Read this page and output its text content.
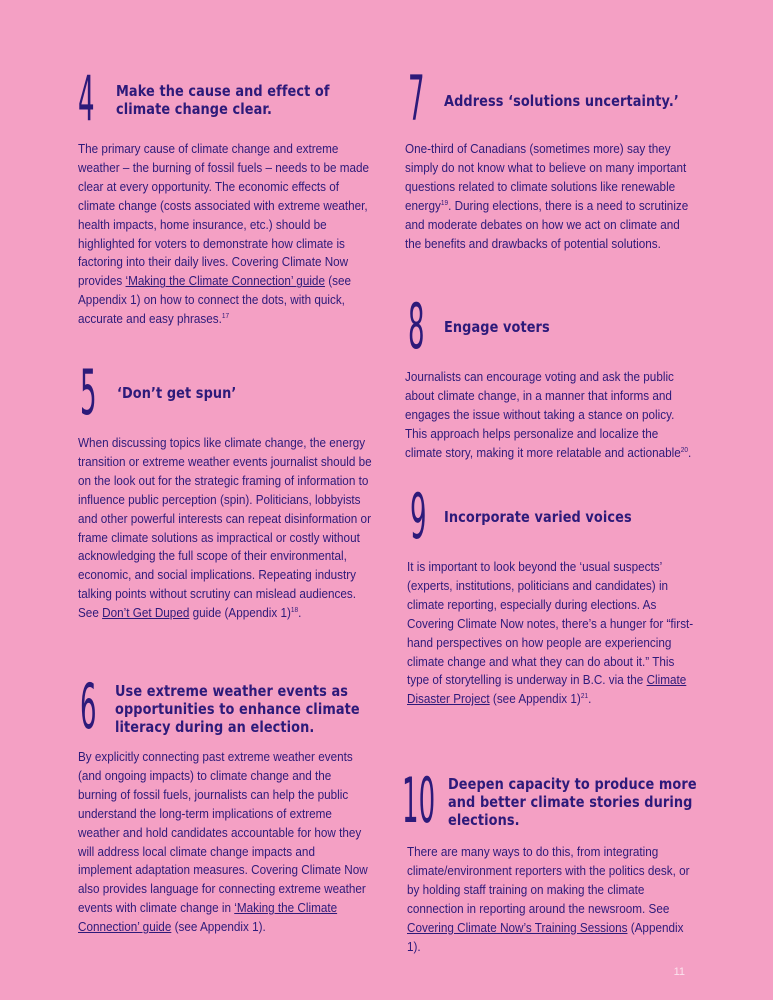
4 Make the cause and effect of
climate change clear.

The primary cause of climate change and extreme weather – the burning of fossil fuels – needs to be made clear at every opportunity. The economic effects of climate change (costs associated with extreme weather, health impacts, home insurance, etc.) should be highlighted for voters to demonstrate how climate is factoring into their daily lives. Covering Climate Now provides ‘Making the Climate Connection’ guide (see Appendix 1) on how to connect the dots, with quick, accurate and easy phrases.$^{17}$

5 ‘Don’t get spun’

When discussing topics like climate change, the energy transition or extreme weather events journalist should be on the look out for the strategic framing of information to influence public perception (spin). Politicians, lobbyists and other powerful interests can repeat disinformation or frame climate solutions as impractical or costly without acknowledging the full scope of their environmental, economic, and social implications. Repeating industry talking points without scrutiny can mislead audiences. See Don’t Get Duped guide (Appendix 1)$^{18}$.

6 Use extreme weather events as
opportunities to enhance climate
literacy during an election.

By explicitly connecting past extreme weather events (and ongoing impacts) to climate change and the burning of fossil fuels, journalists can help the public understand the long-term implications of extreme weather and hold candidates accountable for how they will address local climate change impacts and implement adaptation measures. Covering Climate Now also provides language for connecting extreme weather events with climate change in ‘Making the Climate Connection’ guide (see Appendix 1).

7 Address ‘solutions uncertainty.’

One-third of Canadians (sometimes more) say they simply do not know what to believe on many important questions related to climate solutions like renewable energy$^{19}$. During elections, there is a need to scrutinize and moderate debates on how we act on climate and the benefits and drawbacks of potential solutions.

8 Engage voters

Journalists can encourage voting and ask the public about climate change, in a manner that informs and engages the issue without taking a stance on policy. This approach helps personalize and localize the climate story, making it more relatable and actionable$^{20}$.

9 Incorporate varied voices

It is important to look beyond the ‘usual suspects’ (experts, institutions, politicians and candidates) in climate reporting, especially during elections. As Covering Climate Now notes, there’s a hunger for “first-hand perspectives on how people are experiencing climate change and what they can do about it.” This type of storytelling is underway in B.C. via the Climate Disaster Project (see Appendix 1)$^{21}$.

10 Deepen capacity to produce more
and better climate stories during
elections.

There are many ways to do this, from integrating climate/environment reporters with the politics desk, or by holding staff training on making the climate connection in reporting around the newsroom. See Covering Climate Now’s Training Sessions (Appendix 1).

11
